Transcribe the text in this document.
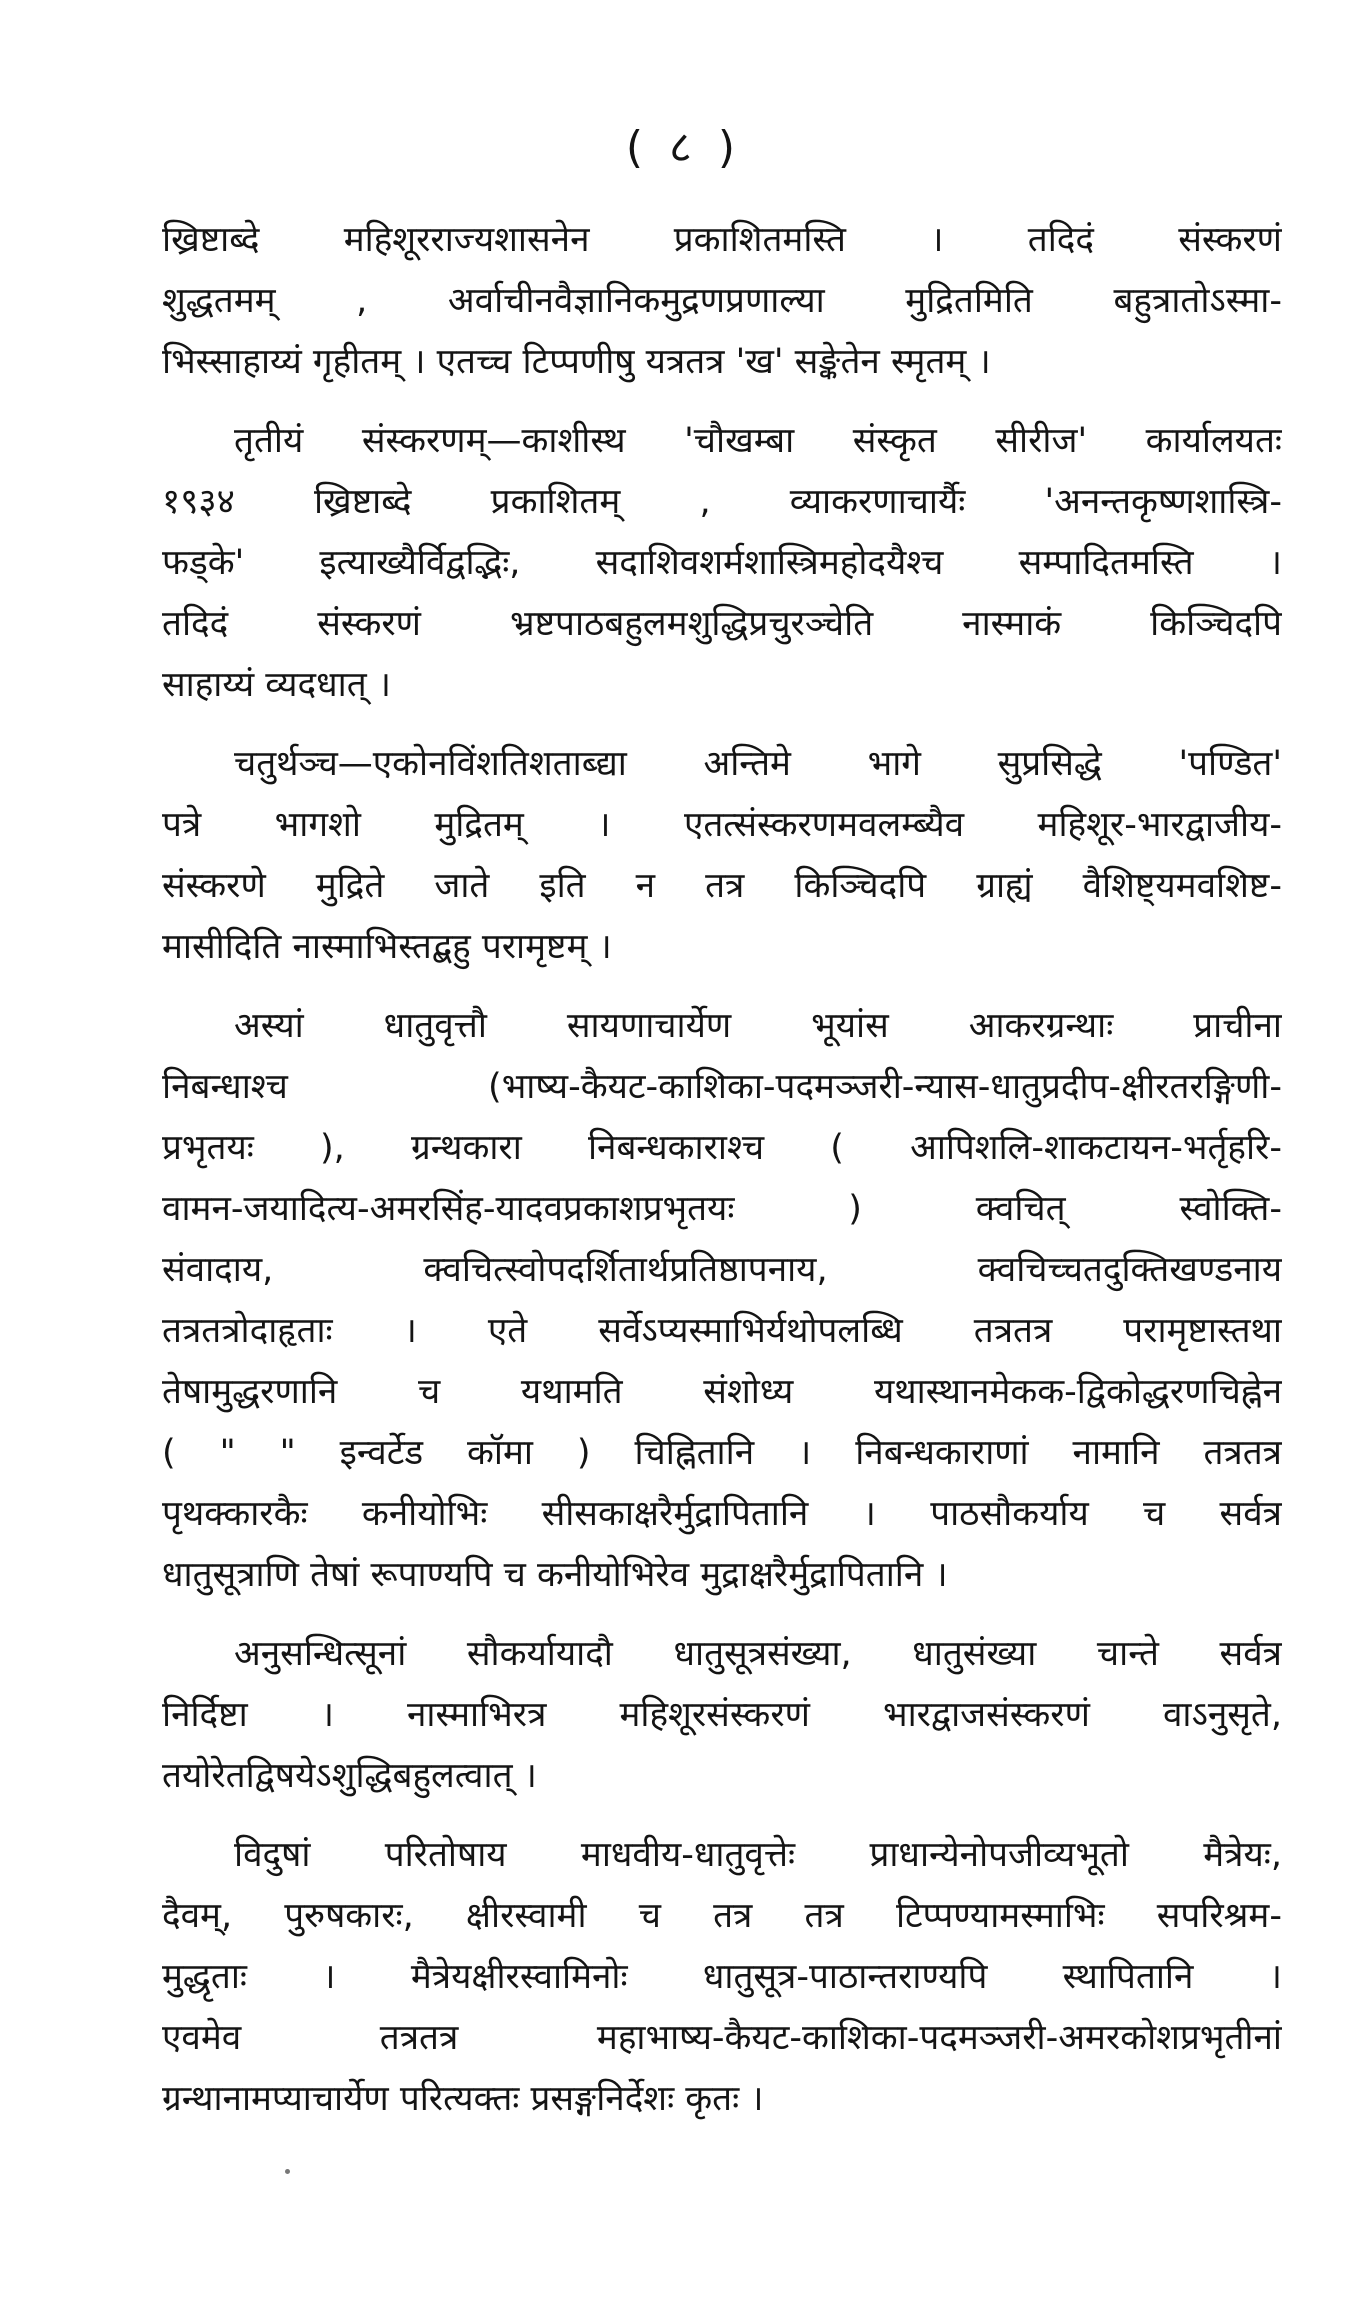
( ८ )
ख्रिष्टाब्दे महिशूरराज्यशासनेन प्रकाशितमस्ति । तदिदं संस्करणं
शुद्धतमम् , अर्वाचीनवैज्ञानिकमुद्रणप्रणाल्या मुद्रितमिति बहुत्रातोऽस्मा-
भिस्साहाय्यं गृहीतम् । एतच्च टिप्पणीषु यत्रतत्र 'ख' सङ्केतेन स्मृतम् ।
तृतीयं संस्करणम्—काशीस्थ 'चौखम्बा संस्कृत सीरीज' कार्यालयतः
१९३४ ख्रिष्टाब्दे प्रकाशितम् , व्याकरणाचार्यैः 'अनन्तकृष्णशास्त्रि-
फड्के' इत्याख्यैर्विद्वद्भिः, सदाशिवशर्मशास्त्रिमहोदयैश्च सम्पादितमस्ति ।
तदिदं संस्करणं भ्रष्टपाठबहुलमशुद्धिप्रचुरञ्चेति नास्माकं किञ्चिदपि
साहाय्यं व्यदधात् ।
चतुर्थञ्च—एकोनविंशतिशताब्द्या अन्तिमे भागे सुप्रसिद्धे 'पण्डित'
पत्रे भागशो मुद्रितम् । एतत्संस्करणमवलम्ब्यैव महिशूर-भारद्वाजीय-
संस्करणे मुद्रिते जाते इति न तत्र किञ्चिदपि ग्राह्यं वैशिष्ट्यमवशिष्ट-
मासीदिति नास्माभिस्तद्बहु परामृष्टम् ।
अस्यां धातुवृत्तौ सायणाचार्येण भूयांस आकरग्रन्थाः प्राचीना
निबन्धाश्च (भाष्य-कैयट-काशिका-पदमञ्जरी-न्यास-धातुप्रदीप-क्षीरतरङ्गिणी-
प्रभृतयः ), ग्रन्थकारा निबन्धकाराश्च ( आपिशलि-शाकटायन-भर्तृहरि-
वामन-जयादित्य-अमरसिंह-यादवप्रकाशप्रभृतयः ) क्वचित् स्वोक्ति-
संवादाय, क्वचित्स्वोपदर्शितार्थप्रतिष्ठापनाय, क्वचिच्चतदुक्तिखण्डनाय
तत्रतत्रोदाहृताः । एते सर्वेऽप्यस्माभिर्यथोपलब्धि तत्रतत्र परामृष्टास्तथा
तेषामुद्धरणानि च यथामति संशोध्य यथास्थानमेकक-द्विकोद्धरणचिह्नेन
( " " इन्वर्टेड कॉमा ) चिह्नितानि । निबन्धकाराणां नामानि तत्रतत्र
पृथक्कारकैः कनीयोभिः सीसकाक्षरैर्मुद्रापितानि । पाठसौकर्याय च सर्वत्र
धातुसूत्राणि तेषां रूपाण्यपि च कनीयोभिरेव मुद्राक्षरैर्मुद्रापितानि ।
अनुसन्धित्सूनां सौकर्यायादौ धातुसूत्रसंख्या, धातुसंख्या चान्ते सर्वत्र
निर्दिष्टा । नास्माभिरत्र महिशूरसंस्करणं भारद्वाजसंस्करणं वाऽनुसृते,
तयोरेतद्विषयेऽशुद्धिबहुलत्वात् ।
विदुषां परितोषाय माधवीय-धातुवृत्तेः प्राधान्येनोपजीव्यभूतो मैत्रेयः,
दैवम्, पुरुषकारः, क्षीरस्वामी च तत्र तत्र टिप्पण्यामस्माभिः सपरिश्रम-
मुद्धृताः । मैत्रेयक्षीरस्वामिनोः धातुसूत्र-पाठान्तराण्यपि स्थापितानि ।
एवमेव तत्रतत्र महाभाष्य-कैयट-काशिका-पदमञ्जरी-अमरकोशप्रभृतीनां
ग्रन्थानामप्याचार्येण परित्यक्तः प्रसङ्गनिर्देशः कृतः ।
